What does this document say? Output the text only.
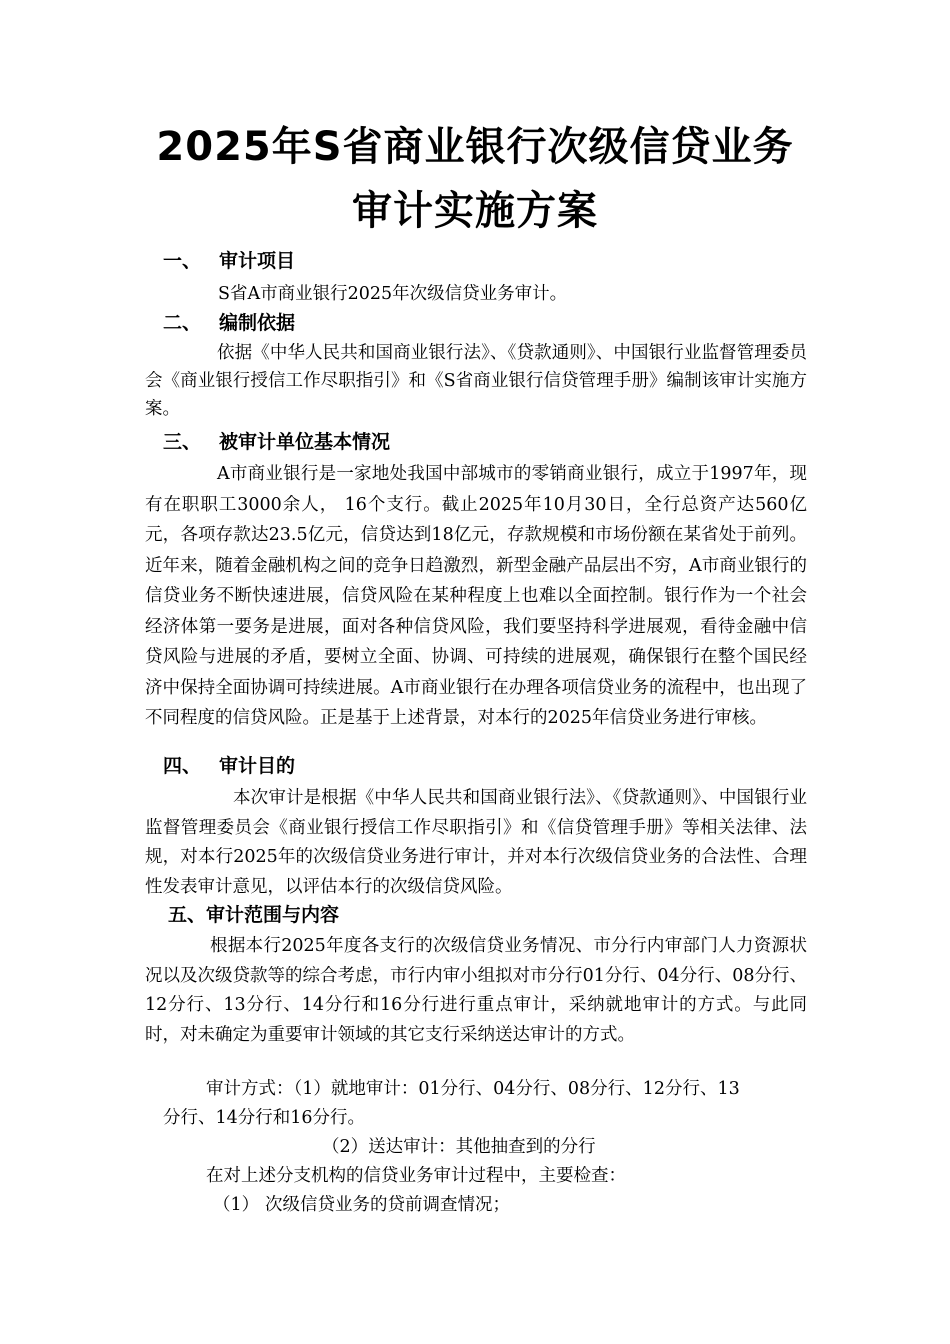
2025年S省商业银行次级信贷业务
审计实施方案
一、 审计项目
S省A市商业银行2025年次级信贷业务审计。
二、 编制依据

依据《中华人民共和国商业银行法》、《贷款通则》、中国银行业监督管理委员会《商业银行授信工作尽职指引》和《S省商业银行信贷管理手册》编制该审计实施方案。

三、 被审计单位基本情况

A市商业银行是一家地处我国中部城市的零销商业银行，成立于1997年，现有在职职工3000余人， 16个支行。截止2025年10月30日，全行总资产达560亿元，各项存款达23.5亿元，信贷达到18亿元，存款规模和市场份额在某省处于前列。近年来，随着金融机构之间的竞争日趋激烈，新型金融产品层出不穷，A市商业银行的信贷业务不断快速进展，信贷风险在某种程度上也难以全面控制。银行作为一个社会经济体第一要务是进展，面对各种信贷风险，我们要坚持科学进展观，看待金融中信贷风险与进展的矛盾，要树立全面、协调、可持续的进展观，确保银行在整个国民经济中保持全面协调可持续进展。A市商业银行在办理各项信贷业务的流程中，也出现了不同程度的信贷风险。正是基于上述背景，对本行的2025年信贷业务进行审核。

四、 审计目的

本次审计是根据《中华人民共和国商业银行法》、《贷款通则》、中国银行业监督管理委员会《商业银行授信工作尽职指引》和《信贷管理手册》等相关法律、法规，对本行2025年的次级信贷业务进行审计，并对本行次级信贷业务的合法性、合理性发表审计意见，以评估本行的次级信贷风险。

五、审计范围与内容

根据本行2025年度各支行的次级信贷业务情况、市分行内审部门人力资源状况以及次级贷款等的综合考虑，市行内审小组拟对市分行01分行、04分行、08分行、12分行、13分行、14分行和16分行进行重点审计，采纳就地审计的方式。与此同时，对未确定为重要审计领域的其它支行采纳送达审计的方式。

审计方式：（1）就地审计：01分行、04分行、08分行、12分行、13
分行、14分行和16分行。
（2）送达审计：其他抽查到的分行
在对上述分支机构的信贷业务审计过程中，主要检查：
（1） 次级信贷业务的贷前调查情况；
